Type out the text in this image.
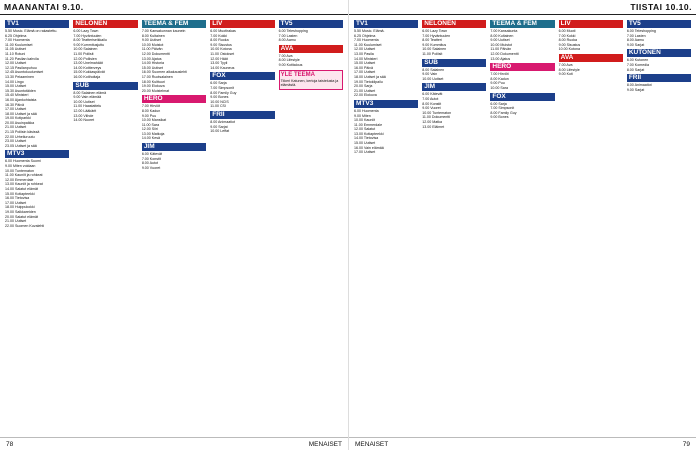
MAANANTAI 9.10.
TV1
5.50 Music. Elämä on rakastettu.
6.25 Ohjelma
7.00 Huomenta
11.00 Kuulumiset
11.05 Uutiset
11.10 Rotuni
11.20 Pasilan kahvila
12.00 Uutiset
12.15 Pasilanpuhuu
12.45 Asuntokuulumiset
13.30 Pelaaminen
14.00 Lingo
15.00 Uutiset
15.30 Asuntotäiden
15.40 Ministeri
16.00 Ajankohtaista
16.30 Päivä
17.00 Uutiset
18.00 Uutiset ja sää
19.00 Kotiparkki
20.00 Asuinpaikka
21.00 Uutiset
21.15 Poliisin käsissä
22.00 Urheiluruutu
23.00 Uutiset
23.05 Uutiset ja sää
MTV3
6.00 Huomenta Suomi
9.00 Miten voidaan
10.00 Tuntematon
11.00 Kauniit ja rohkeat
12.00 Emmerdale
13.00 Kauniit ja rohkeat
14.00 Salatut elämät
15.00 Kotiapteekki
16.00 Tietovisa
17.00 Uutiset
18.00 Huippukokki
19.00 Salkkareiden
20.00 Salatut elämät
21.00 Uutiset
22.00 Suomen Kuvalehti
NELONEN
6.00 Lazy Town
7.00 Hyväntuulen
8.00 Teatteriseikkailu
9.00 Kummitusjuttu
10.00 Salainen
11.00 Poliisit
12.00 Poliisien
13.00 Unelmahäät
14.00 Kotiterveys
15.00 Kukkaspäivät
16.00 Kotihoitaja
SUB
8.00 Salainen elämä
9.00 Vain elämää
10.00 Uutiset
11.00 Haastattelu
12.00 Lääkärit
13.00 Viihde
14.00 Nuoret
TEEMA & FEM
7.00 Kansakunnan kaunein
8.00 Kultainen
9.00 Uutiset
10.00 Muistot
11.00 Päivän
12.00 Dokumentti
13.00 Ajatus
14.00 Historia
15.00 Uutiset
16.00 Suomen aikakauslehti
17.00 Ruotsalainen
18.00 Kulttuuri
19.00 Elokuva
20.00 Muistelmat
HERO
7.00 Hirviöt
8.00 Kadun
9.00 Puu
10.00 Mansikat
11.00 Sara
12.00 Siiri
13.00 Matkoja
14.00 Kesä
JIM
6.00 Kätevät
7.00 Konstit
8.00 Autot
9.00 Vuoret
LIV
6.00 Muotirakas
7.00 Kokki
8.00 Ruoka
9.00 Sisustus
10.00 Kotona
11.00 Ostokset
12.00 Häät
13.00 Tyyli
14.00 Kauneus
FOX
6.00 Sarja
7.00 Simpsonit
8.00 Family Guy
9.00 Bones
10.00 NCIS
11.00 CSI
FRII
8.00 Animaatiot
9.00 Sarjat
10.00 Leffat
TV5
6.00 Teleshopping
7.00 Lasten
8.00 Aamu
AVA
7.00 Ava
8.00 Lifestyle
9.00 Kotitalous
YLE TEEMA
Tiikeri Katunen, kertoja taistelusta ja elämästä.
78	MENAISET
TIISTAI 10.10.
TV1
5.50 Music. Elämä.
6.25 Ohjelma
7.00 Huomenta
11.00 Kuulumiset
12.00 Uutiset
13.00 Pasila
14.00 Ministeri
15.00 Uutiset
16.00 Päivä
17.00 Uutiset
18.00 Uutiset ja sää
19.00 Tietokilpailu
20.00 Sarja
21.00 Uutiset
22.00 Elokuva
MTV3
6.00 Huomenta
9.00 Miten
10.00 Kauniit
11.00 Emmerdale
12.00 Salatut
13.00 Kotiapteekki
14.00 Tietovisa
15.00 Uutiset
16.00 Vain elämää
17.00 Uutiset
NELONEN
6.00 Lazy Town
7.00 Hyväntuulen
8.00 Teatteri
9.00 Kummitus
10.00 Salainen
11.00 Poliisit
SUB
8.00 Salainen
9.00 Vain
10.00 Uutiset
JIM
6.00 Kätevät
7.00 Autot
8.00 Konstit
9.00 Vuoret
10.00 Tuntematon
11.00 Dokumentti
12.00 Matka
13.00 Eläimet
TEEMA & FEM
7.00 Kansakunta
8.00 Kultainen
9.00 Uutiset
10.00 Muistot
11.00 Päivän
12.00 Dokumentti
13.00 Ajatus
HERO
7.00 Hirviöt
8.00 Kadun
9.00 Puu
10.00 Sara
FOX
6.00 Sarja
7.00 Simpsonit
8.00 Family Guy
9.00 Bones
LIV
6.00 Muoti
7.00 Kokki
8.00 Ruoka
9.00 Sisustus
10.00 Kotona
AVA
7.00 Ava
8.00 Lifestyle
9.00 Koti
TV5
6.00 Teleshopping
7.00 Lasten
8.00 Aamu
9.00 Sarjat
KUTONEN
6.00 Kutonen
7.00 Komedia
8.00 Sarjat
FRII
8.00 Animaatiot
9.00 Sarjat
MENAISET	79
